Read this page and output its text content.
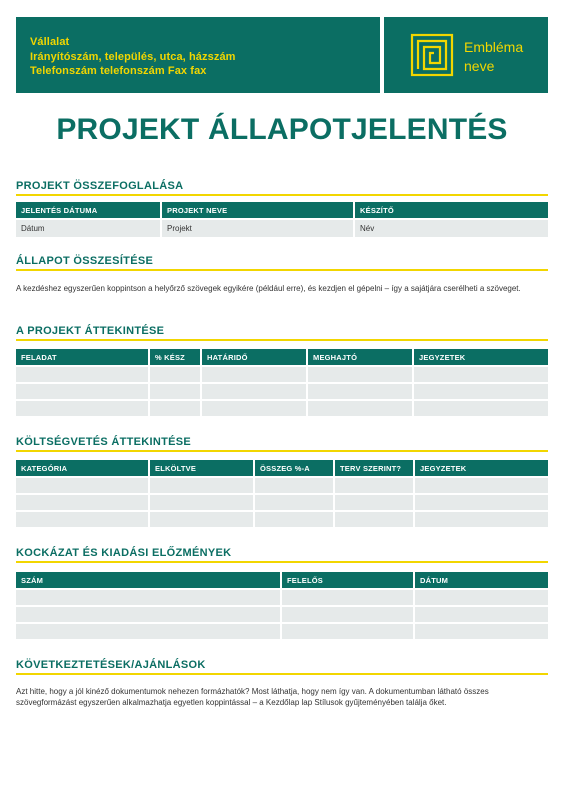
Vállalat
Irányítószám, település, utca, házszám
Telefonszám telefonszám Fax fax
Embléma
neve
PROJEKT ÁLLAPOTJELENTÉS
PROJEKT ÖSSZEFOGLALÁSA
JELENTÉS DÁTUMA	PROJEKT NEVE	KÉSZÍTŐ
Dátum	Projekt	Név
ÁLLAPOT ÖSSZESÍTÉSE
A kezdéshez egyszerűen koppintson a helyőrző szövegek egyikére (például erre), és kezdjen el gépelni – így a sajátjára cserélheti a szöveget.
A PROJEKT ÁTTEKINTÉSE
FELADAT	% KÉSZ	HATÁRIDŐ	MEGHAJTÓ	JEGYZETEK

KÖLTSÉGVETÉS ÁTTEKINTÉSE
KATEGÓRIA	ELKÖLTVE	ÖSSZEG %-A	TERV SZERINT?	JEGYZETEK

KOCKÁZAT ÉS KIADÁSI ELŐZMÉNYEK
SZÁM	FELELŐS	DÁTUM

KÖVETKEZTETÉSEK/AJÁNLÁSOK
Azt hitte, hogy a jól kinéző dokumentumok nehezen formázhatók? Most láthatja, hogy nem így van. A dokumentumban látható összes szövegformázást egyszerűen alkalmazhatja egyetlen koppintással – a Kezdőlap lap Stílusok gyűjteményében találja őket.
